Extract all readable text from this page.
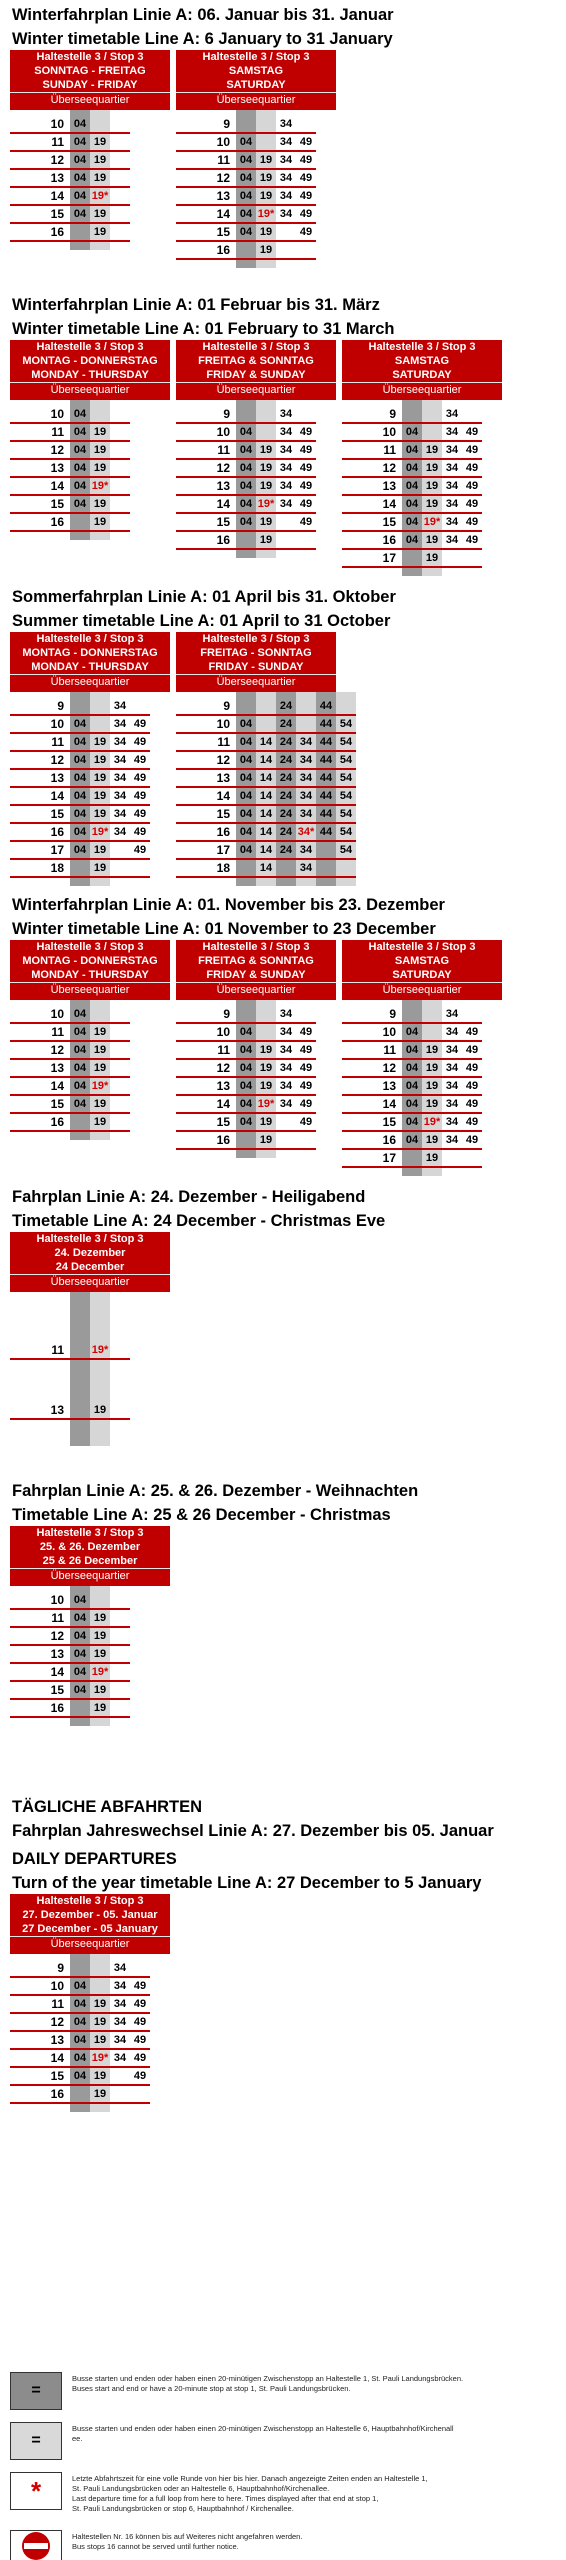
Winterfahrplan Linie A: 06. Januar bis 31. Januar
Winter timetable Line A: 6 January to 31 January
Haltestelle 3 / Stop 3
SONNTAG - FREITAG
SUNDAY - FRIDAY
Überseequartier
10 04
11 04 19
12 04 19
13 04 19
14 04 19*
15 04 19
16	19
Haltestelle 3 / Stop 3
SAMSTAG
SATURDAY
Überseequartier
9	34
10 04	34 49
11 04 19 34 49
12 04 19 34 49
13 04 19 34 49
14 04 19* 34 49
15 04 19	49
16	19
Winterfahrplan Linie A: 01 Februar bis 31. März
Winter timetable Line A: 01 February to 31 March
Haltestelle 3 / Stop 3
MONTAG - DONNERSTAG
MONDAY - THURSDAY
Überseequartier
10 04
11 04 19
12 04 19
13 04 19
14 04 19*
15 04 19
16	19
Haltestelle 3 / Stop 3
FREITAG & SONNTAG
FRIDAY & SUNDAY
Überseequartier
9	34
10 04	34 49
11 04 19 34 49
12 04 19 34 49
13 04 19 34 49
14 04 19* 34 49
15 04 19	49
16	19
Haltestelle 3 / Stop 3
SAMSTAG
SATURDAY
Überseequartier
9	34
10 04	34 49
11 04 19 34 49
12 04 19 34 49
13 04 19 34 49
14 04 19 34 49
15 04 19* 34 49
16 04 19 34 49
17	19
Sommerfahrplan Linie A: 01 April bis 31. Oktober
Summer timetable Line A: 01 April to 31 October
Haltestelle 3 / Stop 3
MONTAG - DONNERSTAG
MONDAY - THURSDAY
Überseequartier
9	34
10 04	34 49
11 04 19 34 49
12 04 19 34 49
13 04 19 34 49
14 04 19 34 49
15 04 19 34 49
16 04 19* 34 49
17 04 19	49
18	19
Haltestelle 3 / Stop 3
FREITAG - SONNTAG
FRIDAY - SUNDAY
Überseequartier
9	24	44
10 04	24	44 54
11 04 14 24 34 44 54
12 04 14 24 34 44 54
13 04 14 24 34 44 54
14 04 14 24 34 44 54
15 04 14 24 34 44 54
16 04 14 24 34* 44 54
17 04 14 24 34	54
18	14	34
Winterfahrplan Linie A: 01. November bis 23. Dezember
Winter timetable Line A: 01 November to 23 December
Haltestelle 3 / Stop 3
MONTAG - DONNERSTAG
MONDAY - THURSDAY
Überseequartier
10 04
11 04 19
12 04 19
13 04 19
14 04 19*
15 04 19
16	19
Haltestelle 3 / Stop 3
FREITAG & SONNTAG
FRIDAY & SUNDAY
Überseequartier
9	34
10 04	34 49
11 04 19 34 49
12 04 19 34 49
13 04 19 34 49
14 04 19* 34 49
15 04 19	49
16	19
Haltestelle 3 / Stop 3
SAMSTAG
SATURDAY
Überseequartier
9	34
10 04	34 49
11 04 19 34 49
12 04 19 34 49
13 04 19 34 49
14 04 19 34 49
15 04 19* 34 49
16 04 19 34 49
17	19
Fahrplan Linie A: 24. Dezember - Heiligabend
Timetable Line A: 24 December - Christmas Eve
Haltestelle 3 / Stop 3
24. Dezember
24 December
Überseequartier
11	19*
13	19
Fahrplan Linie A: 25. & 26. Dezember - Weihnachten
Timetable Line A: 25 & 26 December - Christmas
Haltestelle 3 / Stop 3
25. & 26. Dezember
25 & 26 December
Überseequartier
10 04
11 04 19
12 04 19
13 04 19
14 04 19*
15 04 19
16	19
TÄGLICHE ABFAHRTEN
Fahrplan Jahreswechsel Linie A: 27. Dezember bis 05. Januar
DAILY DEPARTURES
Turn of the year timetable Line A: 27 December to 5 January
Haltestelle 3 / Stop 3
27. Dezember - 05. Januar
27 December - 05 January
Überseequartier
9	34
10 04	34 49
11 04 19 34 49
12 04 19 34 49
13 04 19 34 49
14 04 19* 34 49
15 04 19	49
16	19
=
Busse starten und enden oder haben einen 20-minütigen Zwischenstopp an Haltestelle 1, St. Pauli Landungsbrücken.
Buses start and end or have a 20-minute stop at stop 1, St. Pauli Landungsbrücken.
=
Busse starten und enden oder haben einen 20-minütigen Zwischenstopp an Haltestelle 6, Hauptbahnhof/Kirchenall
ee.
*	Letzte Abfahrtszeit für eine volle Runde von hier bis hier. Danach angezeigte Zeiten enden an Haltestelle 1,
St. Pauli Landungsbrücken oder an Haltestelle 6, Hauptbahnhof/Kirchenallee.
Last departure time for a full loop from here to here. Times displayed after that end at stop 1,
St. Pauli Landungsbrücken or stop 6, Hauptbahnhof / Kirchenallee.
Haltestellen Nr. 16 können bis auf Weiteres nicht angefahren werden.
Bus stops 16 cannot be served until further notice.
